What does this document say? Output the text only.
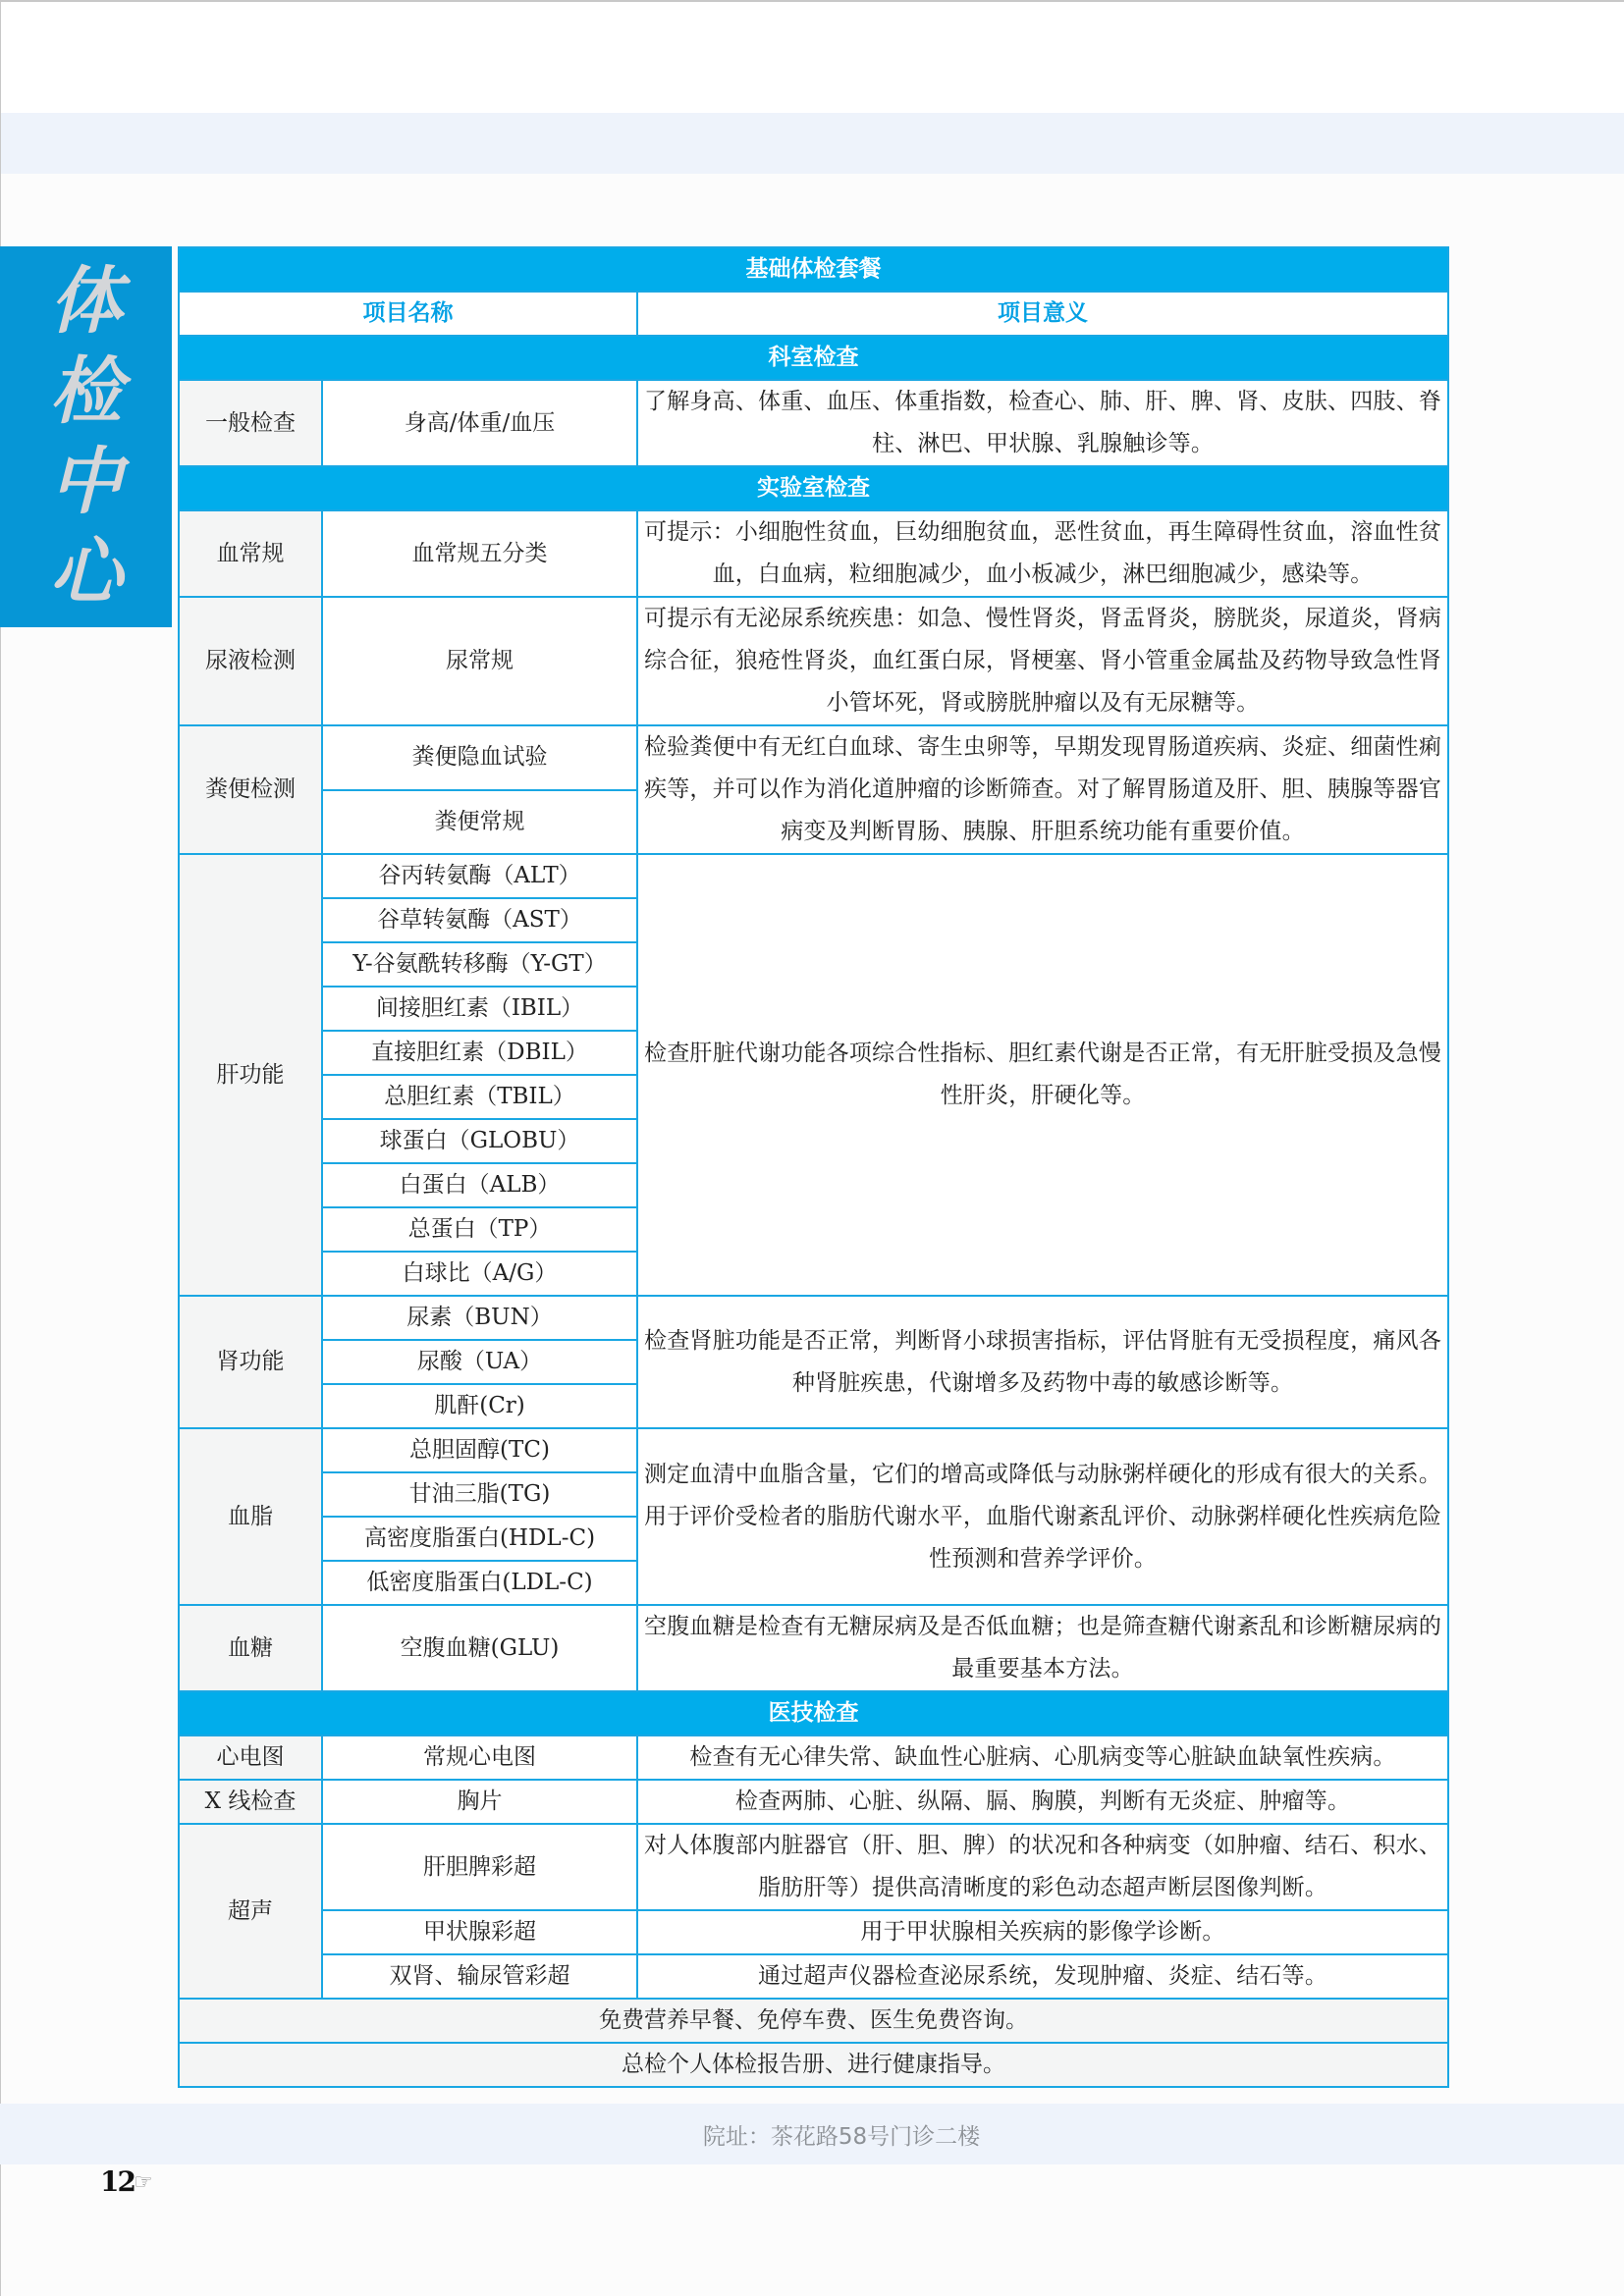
体
检
中
心
基础体检套餐		
项目名称		项目意义
科室检查		
一般检查	身高/体重/血压	了解身高、体重、血压、体重指数，检查心、肺、肝、脾、肾、皮肤、四肢、脊柱、淋巴、甲状腺、乳腺触诊等。
实验室检查		
血常规	血常规五分类	可提示：小细胞性贫血，巨幼细胞贫血，恶性贫血，再生障碍性贫血，溶血性贫血，白血病，粒细胞减少，血小板减少，淋巴细胞减少，感染等。
尿液检测	尿常规	可提示有无泌尿系统疾患：如急、慢性肾炎，肾盂肾炎，膀胱炎，尿道炎，肾病综合征，狼疮性肾炎，血红蛋白尿，肾梗塞、肾小管重金属盐及药物导致急性肾小管坏死，肾或膀胱肿瘤以及有无尿糖等。
粪便检测	粪便隐血试验	检验粪便中有无红白血球、寄生虫卵等，早期发现胃肠道疾病、炎症、细菌性痢疾等，并可以作为消化道肿瘤的诊断筛查。对了解胃肠道及肝、胆、胰腺等器官病变及判断胃肠、胰腺、肝胆系统功能有重要价值。
	粪便常规	
肝功能	谷丙转氨酶（ALT）	检查肝脏代谢功能各项综合性指标、胆红素代谢是否正常，有无肝脏受损及急慢性肝炎，肝硬化等。
	谷草转氨酶（AST）	
	Y-谷氨酰转移酶（Y-GT）	
	间接胆红素（IBIL）	
	直接胆红素（DBIL）	
	总胆红素（TBIL）	
	球蛋白（GLOBU）	
	白蛋白（ALB）	
	总蛋白（TP）	
	白球比（A/G）	
肾功能	尿素（BUN）	检查肾脏功能是否正常，判断肾小球损害指标，评估肾脏有无受损程度，痛风各种肾脏疾患，代谢增多及药物中毒的敏感诊断等。
	尿酸（UA）	
	肌酐(Cr)	
血脂	总胆固醇(TC)	测定血清中血脂含量，它们的增高或降低与动脉粥样硬化的形成有很大的关系。用于评价受检者的脂肪代谢水平，血脂代谢紊乱评价、动脉粥样硬化性疾病危险性预测和营养学评价。
	甘油三脂(TG)	
	高密度脂蛋白(HDL-C)	
	低密度脂蛋白(LDL-C)	
血糖	空腹血糖(GLU)	空腹血糖是检查有无糖尿病及是否低血糖；也是筛查糖代谢紊乱和诊断糖尿病的最重要基本方法。
医技检查		
心电图	常规心电图	检查有无心律失常、缺血性心脏病、心肌病变等心脏缺血缺氧性疾病。
X 线检查	胸片	检查两肺、心脏、纵隔、膈、胸膜，判断有无炎症、肿瘤等。
超声	肝胆脾彩超	对人体腹部内脏器官（肝、胆、脾）的状况和各种病变（如肿瘤、结石、积水、脂肪肝等）提供高清晰度的彩色动态超声断层图像判断。
	甲状腺彩超	用于甲状腺相关疾病的影像学诊断。
	双肾、输尿管彩超	通过超声仪器检查泌尿系统，发现肿瘤、炎症、结石等。
免费营养早餐、免停车费、医生免费咨询。		
总检个人体检报告册、进行健康指导。		
院址：茶花路58号门诊二楼
12 ☞
